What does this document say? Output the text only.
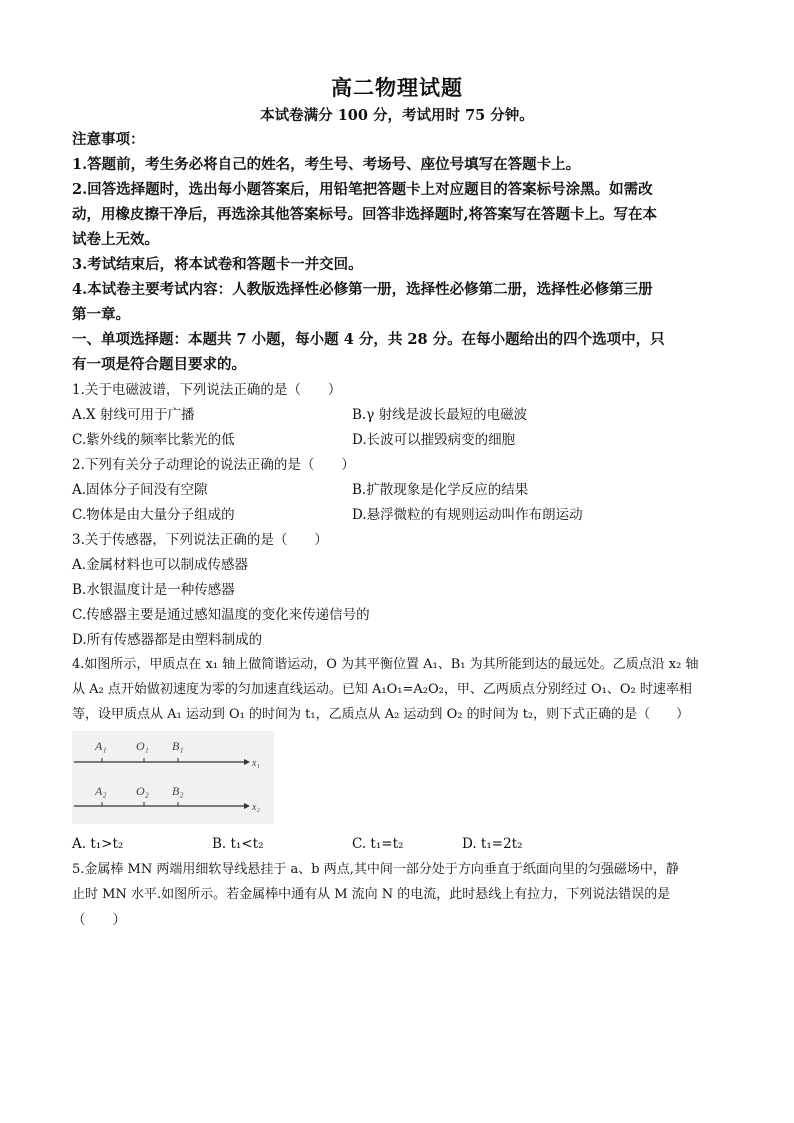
高二物理试题
本试卷满分 100 分，考试用时 75 分钟。
注意事项：
1.答题前，考生务必将自己的姓名，考生号、考场号、座位号填写在答题卡上。
2.回答选择题时，选出每小题答案后，用铅笔把答题卡上对应题目的答案标号涂黑。如需改
动，用橡皮擦干净后，再选涂其他答案标号。回答非选择题时,将答案写在答题卡上。写在本
试卷上无效。
3.考试结束后，将本试卷和答题卡一并交回。
4.本试卷主要考试内容：人教版选择性必修第一册，选择性必修第二册，选择性必修第三册
第一章。
一、单项选择题：本题共 7 小题，每小题 4 分，共 28 分。在每小题给出的四个选项中，只
有一项是符合题目要求的。
1.关于电磁波谱，下列说法正确的是（　　）
A.X 射线可用于广播	B.γ 射线是波长最短的电磁波
C.紫外线的频率比紫光的低	D.长波可以摧毁病变的细胞
2.下列有关分子动理论的说法正确的是（　　）
A.固体分子间没有空隙	B.扩散现象是化学反应的结果
C.物体是由大量分子组成的	D.悬浮微粒的有规则运动叫作布朗运动
3.关于传感器，下列说法正确的是（　　）
A.金属材料也可以制成传感器
B.水银温度计是一种传感器
C.传感器主要是通过感知温度的变化来传递信号的
D.所有传感器都是由塑料制成的
4.如图所示，甲质点在 x₁ 轴上做简谐运动，O 为其平衡位置 A₁、B₁ 为其所能到达的最远处。乙质点沿 x₂ 轴
从 A₂ 点开始做初速度为零的匀加速直线运动。已知 A₁O₁=A₂O₂，甲、乙两质点分别经过 O₁、O₂ 时速率相
等，设甲质点从 A₁ 运动到 O₁ 的时间为 t₁，乙质点从 A₂ 运动到 O₂ 的时间为 t₂，则下式正确的是（　　）
A₁ O₁ B₁
x₁
A₂ O₂ B₂
x₂
A. t₁>t₂	B. t₁<t₂	C. t₁=t₂	D. t₁=2t₂
5.金属棒 MN 两端用细软导线悬挂于 a、b 两点,其中间一部分处于方向垂直于纸面向里的匀强磁场中，静
止时 MN 水平.如图所示。若金属棒中通有从 M 流向 N 的电流，此时悬线上有拉力，下列说法错误的是
（　　）
